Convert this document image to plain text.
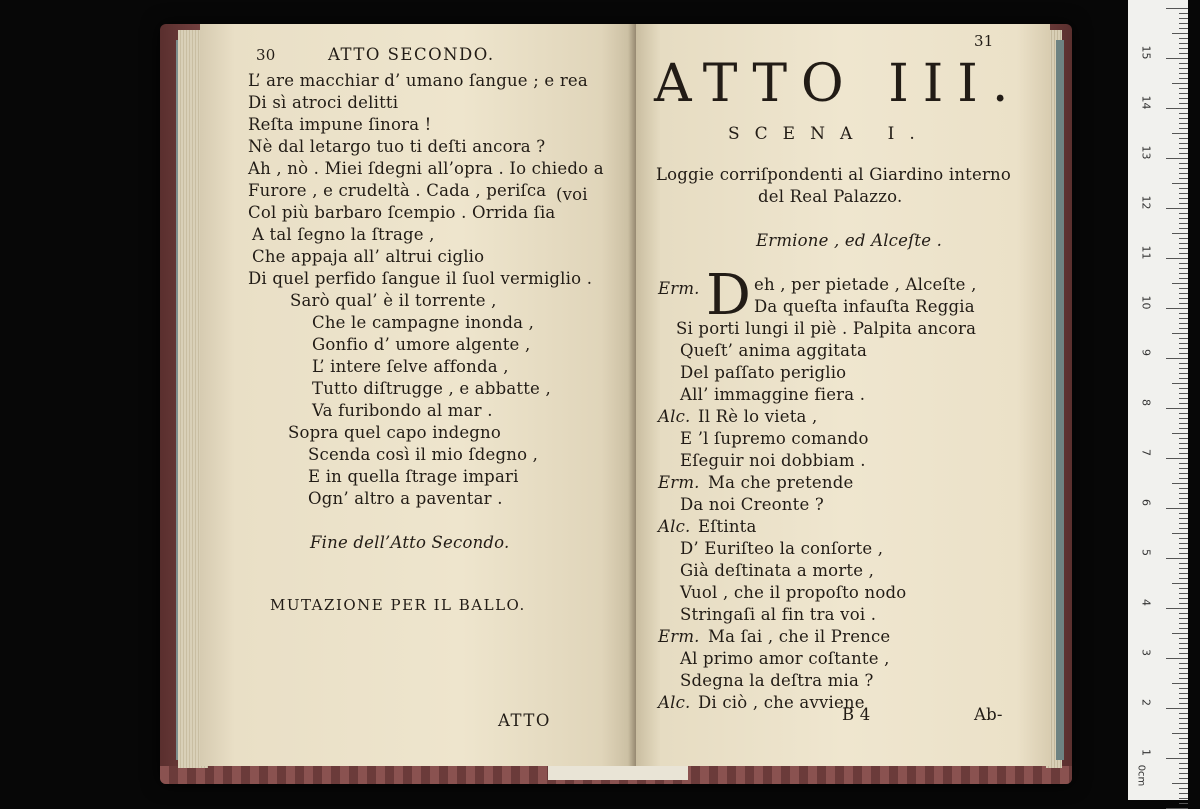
30	ATTO SECONDO.
L’ are macchiar d’ umano ſangue ; e rea
Di sì atroci delitti
Reſta impune ſinora !
Nè dal letargo tuo ti deſti ancora ?
Ah , nò . Miei ſdegni all’opra . Io chiedo a
Furore , e crudeltà . Cada , periſca (voi
Col più barbaro ſcempio . Orrida ſia
A tal ſegno la ſtrage ,
Che appaja all’ altrui ciglio
Di quel perfido ſangue il ſuol vermiglio .
Sarò qual’ è il torrente ,
Che le campagne inonda ,
Gonfio d’ umore algente ,
L’ intere ſelve affonda ,
Tutto diſtrugge , e abbatte ,
Va furibondo al mar .
Sopra quel capo indegno
Scenda così il mio ſdegno ,
E in quella ſtrage impari
Ogn’ altro a paventar .
Fine dell’Atto Secondo.
MUTAZIONE PER IL BALLO.
ATTO
31
ATTO III.
SCENA I.
Loggie corriſpondenti al Giardino interno
del Real Palazzo.
Ermione , ed Alceſte .
Erm. D eh , per pietade , Alceſte ,
Da queſta infauſta Reggia
Si porti lungi il piè . Palpita ancora
Queſt’ anima aggitata
Del paſſato periglio
All’ immaggine fiera .
Alc. Il Rè lo vieta ,
E ’l ſupremo comando
Eſeguir noi dobbiam .
Erm. Ma che pretende
Da noi Creonte ?
Alc. Eſtinta
D’ Euriſteo la conſorte ,
Già deſtinata a morte ,
Vuol , che il propoſto nodo
Stringaſi al fin tra voi .
Erm. Ma ſai , che il Prence
Al primo amor coſtante ,
Sdegna la deſtra mia ?
Alc. Di ciò , che avviene
B 4	Ab-
15
14
13
12
11
10
9
8
7
6
5
4
3
2
1
0cm
